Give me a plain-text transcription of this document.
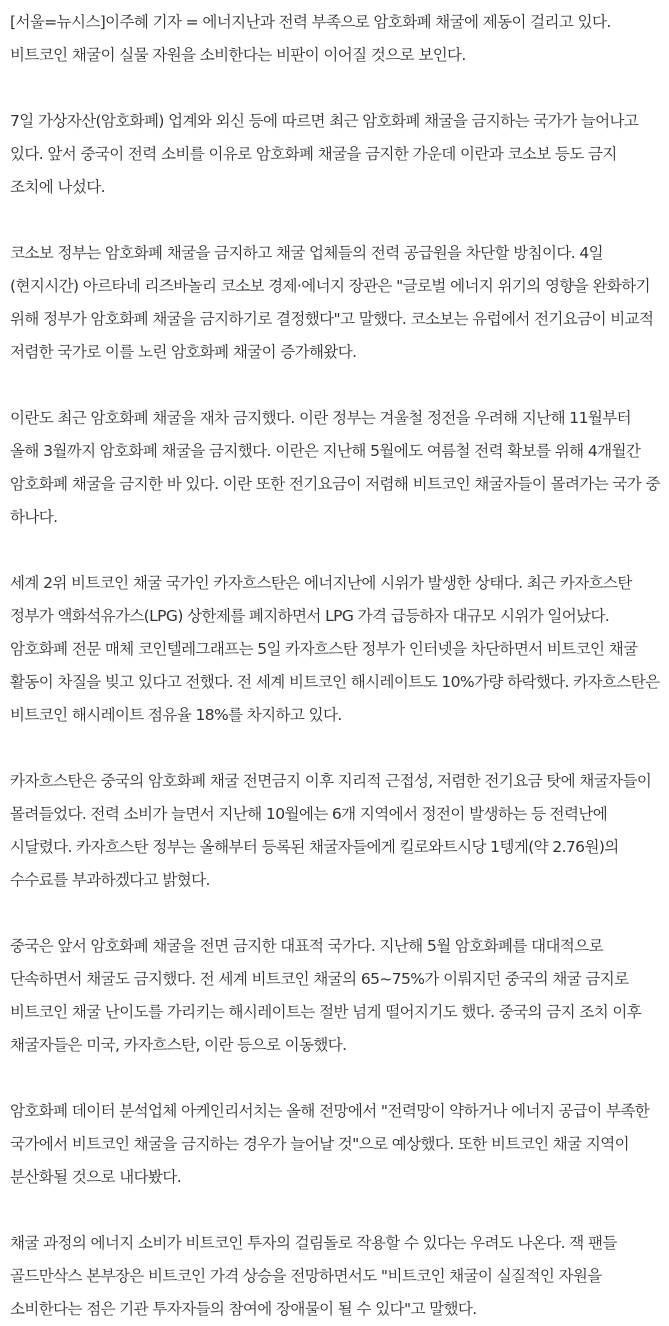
[서울=뉴시스]이주혜 기자 = 에너지난과 전력 부족으로 암호화폐 채굴에 제동이 걸리고 있다. 비트코인 채굴이 실물 자원을 소비한다는 비판이 이어질 것으로 보인다.

7일 가상자산(암호화폐) 업계와 외신 등에 따르면 최근 암호화폐 채굴을 금지하는 국가가 늘어나고 있다. 앞서 중국이 전력 소비를 이유로 암호화폐 채굴을 금지한 가운데 이란과 코소보 등도 금지 조치에 나섰다.

코소보 정부는 암호화폐 채굴을 금지하고 채굴 업체들의 전력 공급원을 차단할 방침이다. 4일(현지시간) 아르타네 리즈바놀리 코소보 경제·에너지 장관은 "글로벌 에너지 위기의 영향을 완화하기 위해 정부가 암호화폐 채굴을 금지하기로 결정했다"고 말했다. 코소보는 유럽에서 전기요금이 비교적 저렴한 국가로 이를 노린 암호화폐 채굴이 증가해왔다.

이란도 최근 암호화폐 채굴을 재차 금지했다. 이란 정부는 겨울철 정전을 우려해 지난해 11월부터 올해 3월까지 암호화폐 채굴을 금지했다. 이란은 지난해 5월에도 여름철 전력 확보를 위해 4개월간 암호화폐 채굴을 금지한 바 있다. 이란 또한 전기요금이 저렴해 비트코인 채굴자들이 몰려가는 국가 중 하나다.

세계 2위 비트코인 채굴 국가인 카자흐스탄은 에너지난에 시위가 발생한 상태다. 최근 카자흐스탄 정부가 액화석유가스(LPG) 상한제를 폐지하면서 LPG 가격 급등하자 대규모 시위가 일어났다. 암호화폐 전문 매체 코인텔레그래프는 5일 카자흐스탄 정부가 인터넷을 차단하면서 비트코인 채굴 활동이 차질을 빚고 있다고 전했다. 전 세계 비트코인 해시레이트도 10%가량 하락했다. 카자흐스탄은 비트코인 해시레이트 점유율 18%를 차지하고 있다.

카자흐스탄은 중국의 암호화폐 채굴 전면금지 이후 지리적 근접성, 저렴한 전기요금 탓에 채굴자들이 몰려들었다. 전력 소비가 늘면서 지난해 10월에는 6개 지역에서 정전이 발생하는 등 전력난에 시달렸다. 카자흐스탄 정부는 올해부터 등록된 채굴자들에게 킬로와트시당 1텡게(약 2.76원)의 수수료를 부과하겠다고 밝혔다.

중국은 앞서 암호화폐 채굴을 전면 금지한 대표적 국가다. 지난해 5월 암호화폐를 대대적으로 단속하면서 채굴도 금지했다. 전 세계 비트코인 채굴의 65~75%가 이뤄지던 중국의 채굴 금지로 비트코인 채굴 난이도를 가리키는 해시레이트는 절반 넘게 떨어지기도 했다. 중국의 금지 조치 이후 채굴자들은 미국, 카자흐스탄, 이란 등으로 이동했다.

암호화폐 데이터 분석업체 아케인리서치는 올해 전망에서 "전력망이 약하거나 에너지 공급이 부족한 국가에서 비트코인 채굴을 금지하는 경우가 늘어날 것"으로 예상했다. 또한 비트코인 채굴 지역이 분산화될 것으로 내다봤다.

채굴 과정의 에너지 소비가 비트코인 투자의 걸림돌로 작용할 수 있다는 우려도 나온다. 잭 팬들 골드만삭스 본부장은 비트코인 가격 상승을 전망하면서도 "비트코인 채굴이 실질적인 자원을 소비한다는 점은 기관 투자자들의 참여에 장애물이 될 수 있다"고 말했다.
